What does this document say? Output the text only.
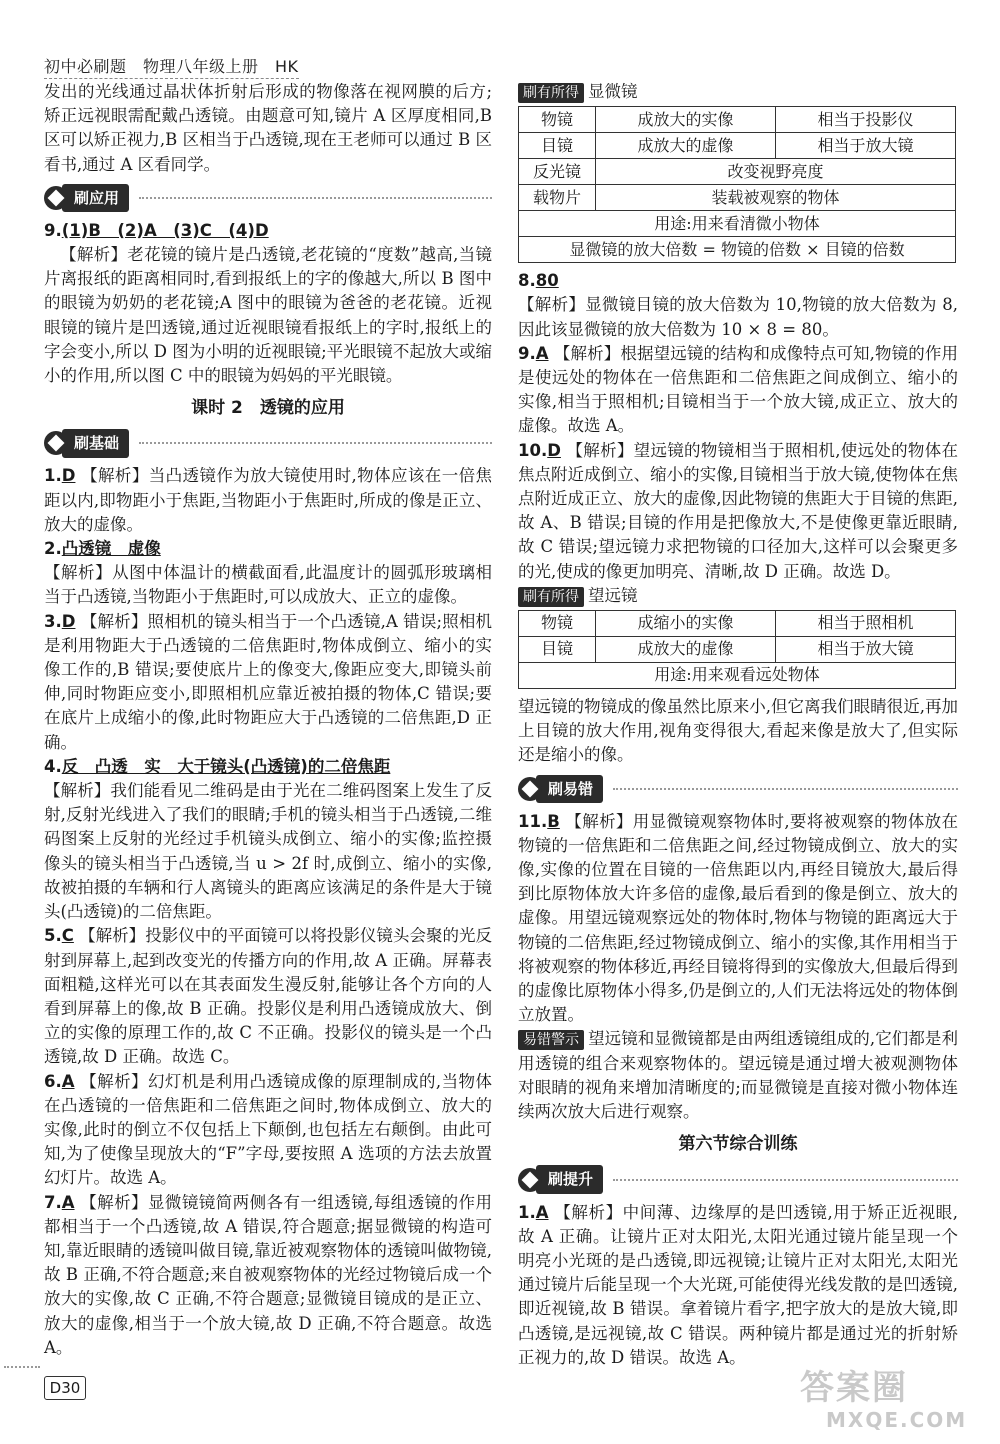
初中必刷题　物理八年级上册　HK

发出的光线通过晶状体折射后形成的物像落在视网膜的后方;矫正远视眼需配戴凸透镜。由题意可知,镜片 A 区厚度相同,B 区可以矫正视力,B 区相当于凸透镜,现在王老师可以通过 B 区看书,通过 A 区看同学。

刷应用

9.(1)B　(2)A　(3)C　(4)D
【解析】老花镜的镜片是凸透镜,老花镜的“度数”越高,当镜片离报纸的距离相同时,看到报纸上的字的像越大,所以 B 图中的眼镜为奶奶的老花镜;A 图中的眼镜为爸爸的老花镜。近视眼镜的镜片是凹透镜,通过近视眼镜看报纸上的字时,报纸上的字会变小,所以 D 图为小明的近视眼镜;平光眼镜不起放大或缩小的作用,所以图 C 中的眼镜为妈妈的平光眼镜。

课时 2　透镜的应用
刷基础

1.D 【解析】当凸透镜作为放大镜使用时,物体应该在一倍焦距以内,即物距小于焦距,当物距小于焦距时,所成的像是正立、放大的虚像。

2.凸透镜　虚像
【解析】从图中体温计的横截面看,此温度计的圆弧形玻璃相当于凸透镜,当物距小于焦距时,可以成放大、正立的虚像。

3.D 【解析】照相机的镜头相当于一个凸透镜,A 错误;照相机是利用物距大于凸透镜的二倍焦距时,物体成倒立、缩小的实像工作的,B 错误;要使底片上的像变大,像距应变大,即镜头前伸,同时物距应变小,即照相机应靠近被拍摄的物体,C 错误;要在底片上成缩小的像,此时物距应大于凸透镜的二倍焦距,D 正确。

4.反　凸透　实　大于镜头(凸透镜)的二倍焦距
【解析】我们能看见二维码是由于光在二维码图案上发生了反射,反射光线进入了我们的眼睛;手机的镜头相当于凸透镜,二维码图案上反射的光经过手机镜头成倒立、缩小的实像;监控摄像头的镜头相当于凸透镜,当 u > 2f 时,成倒立、缩小的实像,故被拍摄的车辆和行人离镜头的距离应该满足的条件是大于镜头(凸透镜)的二倍焦距。

5.C 【解析】投影仪中的平面镜可以将投影仪镜头会聚的光反射到屏幕上,起到改变光的传播方向的作用,故 A 正确。屏幕表面粗糙,这样光可以在其表面发生漫反射,能够让各个方向的人看到屏幕上的像,故 B 正确。投影仪是利用凸透镜成放大、倒立的实像的原理工作的,故 C 不正确。投影仪的镜头是一个凸透镜,故 D 正确。故选 C。

6.A 【解析】幻灯机是利用凸透镜成像的原理制成的,当物体在凸透镜的一倍焦距和二倍焦距之间时,物体成倒立、放大的实像,此时的倒立不仅包括上下颠倒,也包括左右颠倒。由此可知,为了使像呈现放大的“F”字母,要按照 A 选项的方法去放置幻灯片。故选 A。

7.A 【解析】显微镜镜简两侧各有一组透镜,每组透镜的作用都相当于一个凸透镜,故 A 错误,符合题意;据显微镜的构造可知,靠近眼睛的透镜叫做目镜,靠近被观察物体的透镜叫做物镜,故 B 正确,不符合题意;来自被观察物体的光经过物镜后成一个放大的实像,故 C 正确,不符合题意;显微镜目镜成的是正立、放大的虚像,相当于一个放大镜,故 D 正确,不符合题意。故选 A。

刷有所得 显微镜
物镜	成放大的实像	相当于投影仪
目镜	成放大的虚像	相当于放大镜
反光镜	改变视野亮度	
载物片	装载被观察的物体	
用途:用来看清微小物体		
显微镜的放大倍数 = 物镜的倍数 × 目镜的倍数		

8.80
【解析】显微镜目镜的放大倍数为 10,物镜的放大倍数为 8,因此该显微镜的放大倍数为 10 × 8 = 80。

9.A 【解析】根据望远镜的结构和成像特点可知,物镜的作用是使远处的物体在一倍焦距和二倍焦距之间成倒立、缩小的实像,相当于照相机;目镜相当于一个放大镜,成正立、放大的虚像。故选 A。

10.D 【解析】望远镜的物镜相当于照相机,使远处的物体在焦点附近成倒立、缩小的实像,目镜相当于放大镜,使物体在焦点附近成正立、放大的虚像,因此物镜的焦距大于目镜的焦距,故 A、B 错误;目镜的作用是把像放大,不是使像更靠近眼睛,故 C 错误;望远镜力求把物镜的口径加大,这样可以会聚更多的光,使成的像更加明亮、清晰,故 D 正确。故选 D。

刷有所得 望远镜
物镜	成缩小的实像	相当于照相机
目镜	成放大的虚像	相当于放大镜
用途:用来观看远处物体		

望远镜的物镜成的像虽然比原来小,但它离我们眼睛很近,再加上目镜的放大作用,视角变得很大,看起来像是放大了,但实际还是缩小的像。

刷易错

11.B 【解析】用显微镜观察物体时,要将被观察的物体放在物镜的一倍焦距和二倍焦距之间,经过物镜成倒立、放大的实像,实像的位置在目镜的一倍焦距以内,再经目镜放大,最后得到比原物体放大许多倍的虚像,最后看到的像是倒立、放大的虚像。用望远镜观察远处的物体时,物体与物镜的距离远大于物镜的二倍焦距,经过物镜成倒立、缩小的实像,其作用相当于将被观察的物体移近,再经目镜将得到的实像放大,但最后得到的虚像比原物体小得多,仍是倒立的,人们无法将远处的物体倒立放置。

易错警示 望远镜和显微镜都是由两组透镜组成的,它们都是利用透镜的组合来观察物体的。望远镜是通过增大被观测物体对眼睛的视角来增加清晰度的;而显微镜是直接对微小物体连续两次放大后进行观察。

第六节综合训练
刷提升

1.A 【解析】中间薄、边缘厚的是凹透镜,用于矫正近视眼,故 A 正确。让镜片正对太阳光,太阳光通过镜片能呈现一个明亮小光斑的是凸透镜,即远视镜;让镜片正对太阳光,太阳光通过镜片后能呈现一个大光斑,可能使得光线发散的是凹透镜,即近视镜,故 B 错误。拿着镜片看字,把字放大的是放大镜,即凸透镜,是远视镜,故 C 错误。两种镜片都是通过光的折射矫正视力的,故 D 错误。故选 A。

D30	答案圈
MXQE.COM
